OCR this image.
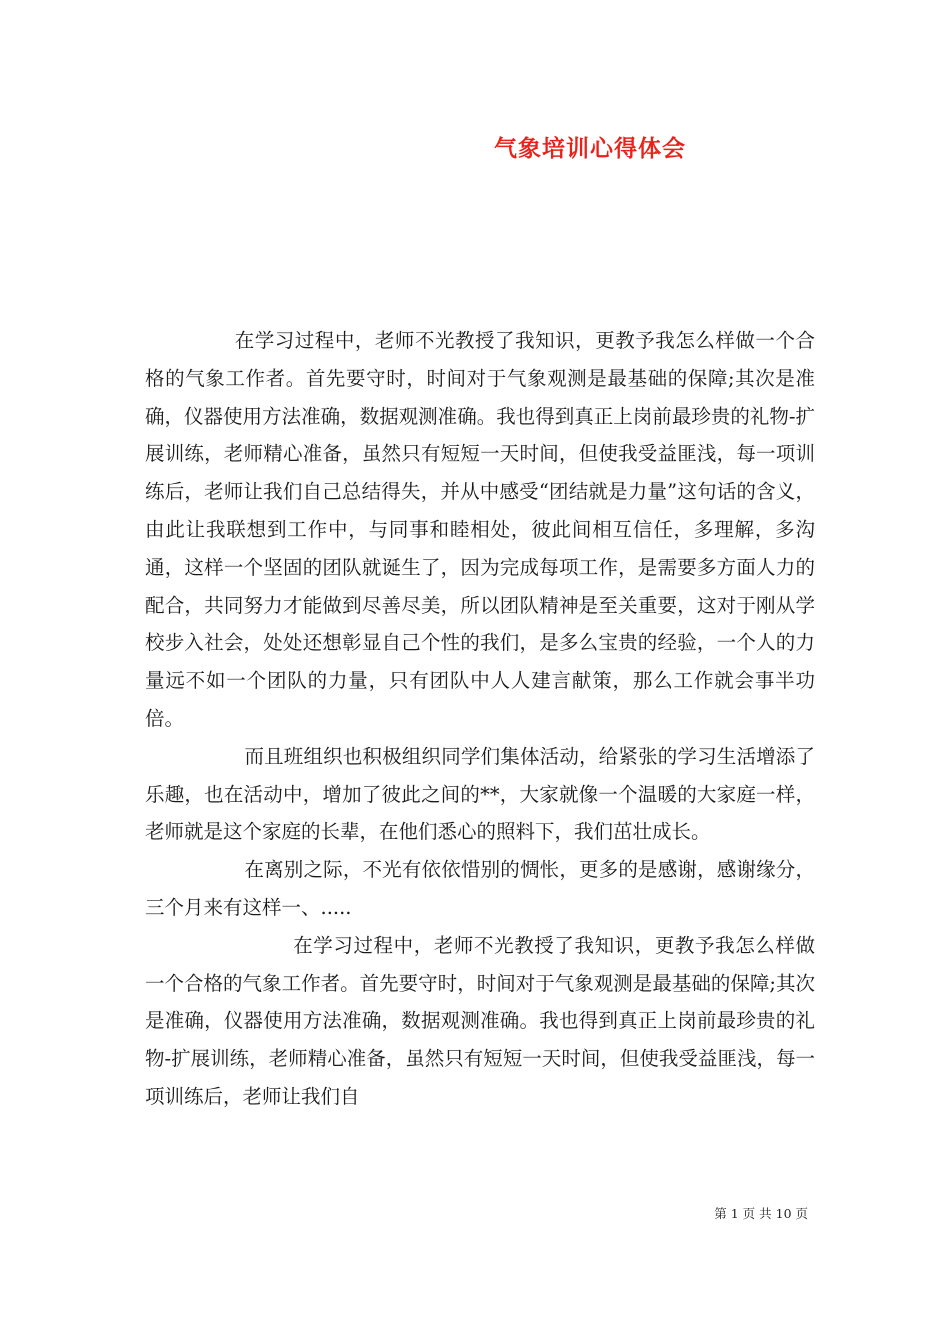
气象培训心得体会

在学习过程中，老师不光教授了我知识，更教予我怎么样做一个合格的气象工作者。首先要守时，时间对于气象观测是最基础的保障;其次是准确，仪器使用方法准确，数据观测准确。我也得到真正上岗前最珍贵的礼物-扩展训练，老师精心准备，虽然只有短短一天时间，但使我受益匪浅，每一项训练后，老师让我们自己总结得失，并从中感受“团结就是力量”这句话的含义，由此让我联想到工作中，与同事和睦相处，彼此间相互信任，多理解，多沟通，这样一个坚固的团队就诞生了，因为完成每项工作，是需要多方面人力的配合，共同努力才能做到尽善尽美，所以团队精神是至关重要，这对于刚从学校步入社会，处处还想彰显自己个性的我们，是多么宝贵的经验，一个人的力量远不如一个团队的力量，只有团队中人人建言献策，那么工作就会事半功倍。

而且班组织也积极组织同学们集体活动，给紧张的学习生活增添了乐趣，也在活动中，增加了彼此之间的**，大家就像一个温暖的大家庭一样，老师就是这个家庭的长辈，在他们悉心的照料下，我们茁壮成长。

在离别之际，不光有依依惜别的惆怅，更多的是感谢，感谢缘分，三个月来有这样一、.....

在学习过程中，老师不光教授了我知识，更教予我怎么样做一个合格的气象工作者。首先要守时，时间对于气象观测是最基础的保障;其次是准确，仪器使用方法准确，数据观测准确。我也得到真正上岗前最珍贵的礼物-扩展训练，老师精心准备，虽然只有短短一天时间，但使我受益匪浅，每一项训练后，老师让我们自

第 1 页 共 10 页
